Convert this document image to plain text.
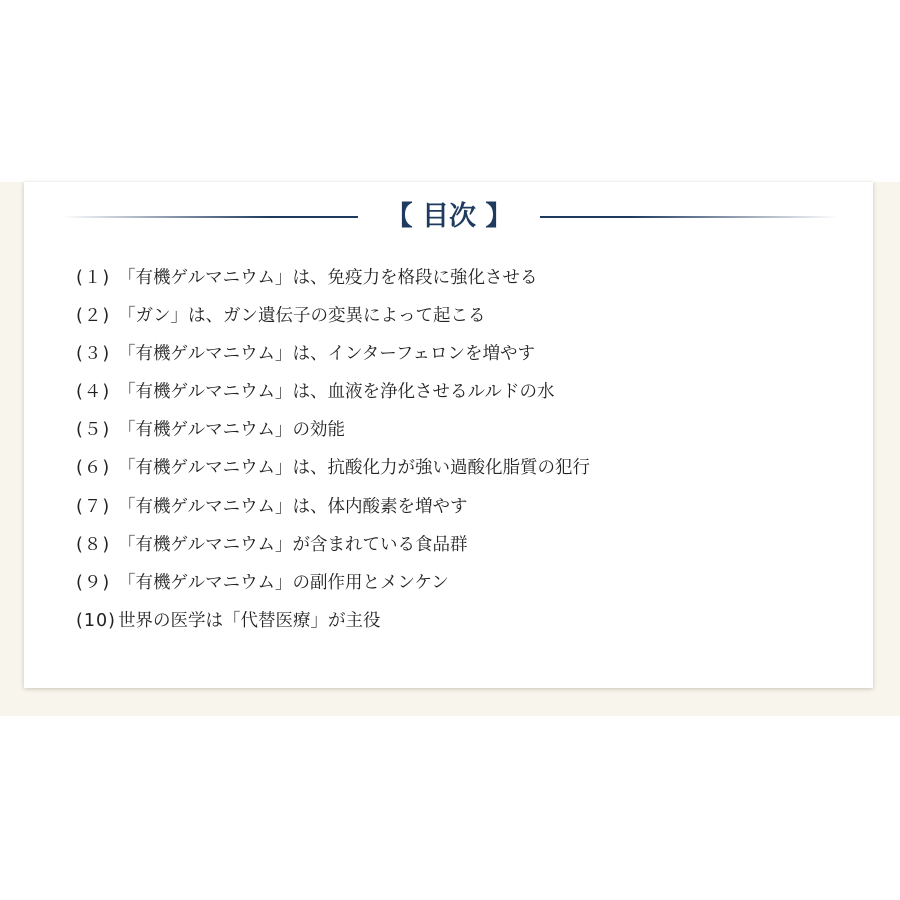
【 目次 】
(１) 「有機ゲルマニウム」は、免疫力を格段に強化させる
(２) 「ガン」は、ガン遺伝子の変異によって起こる
(３) 「有機ゲルマニウム」は、インターフェロンを増やす
(４) 「有機ゲルマニウム」は、血液を浄化させるルルドの水
(５) 「有機ゲルマニウム」の効能
(６) 「有機ゲルマニウム」は、抗酸化力が強い過酸化脂質の犯行
(７) 「有機ゲルマニウム」は、体内酸素を増やす
(８) 「有機ゲルマニウム」が含まれている食品群
(９) 「有機ゲルマニウム」の副作用とメンケン
(10) 世界の医学は「代替医療」が主役
